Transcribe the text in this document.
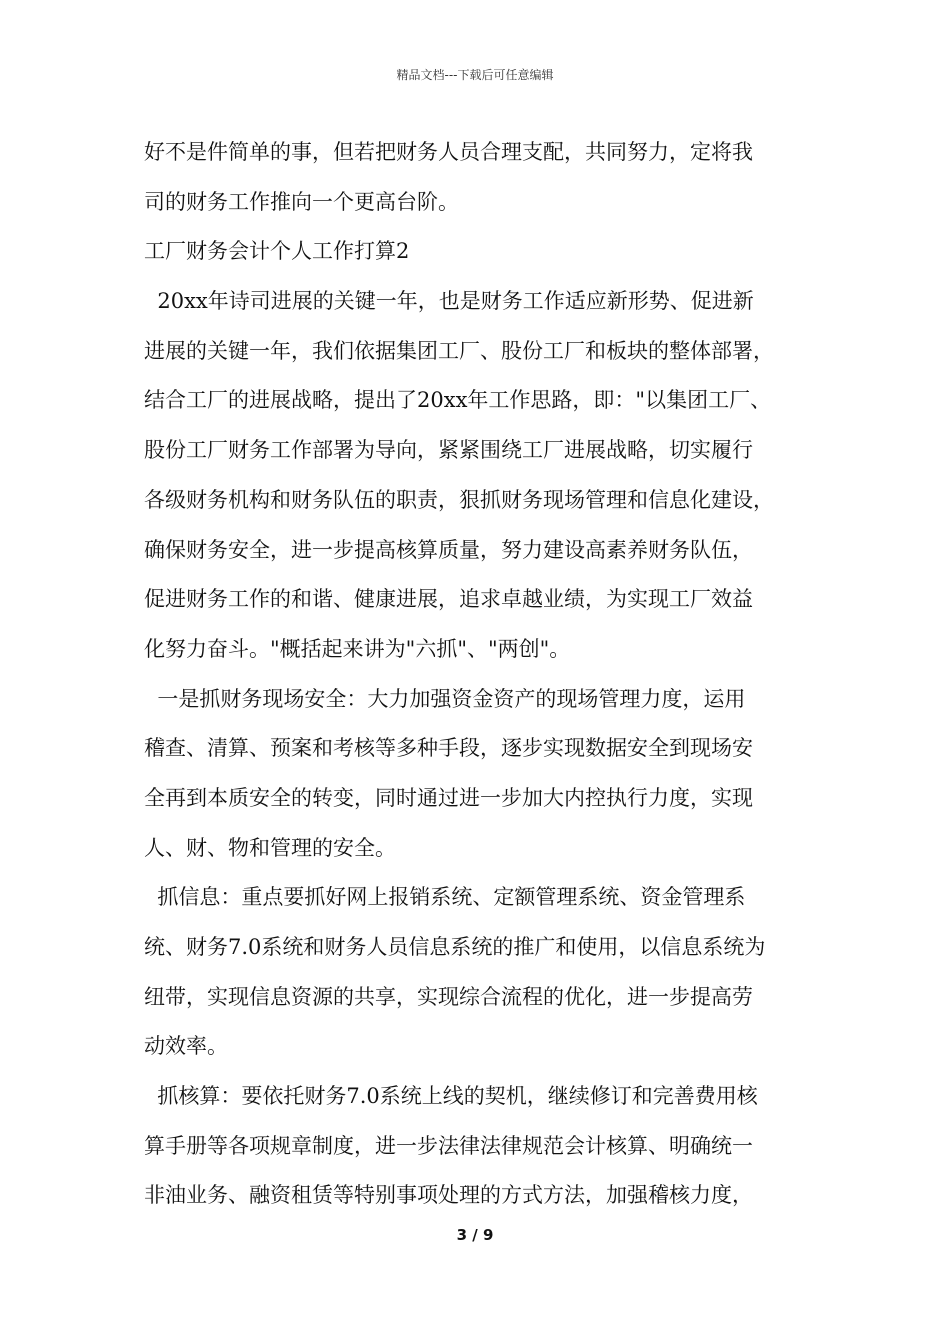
精品文档---下载后可任意编辑
好不是件简单的事，但若把财务人员合理支配，共同努力，定将我
司的财务工作推向一个更高台阶。
工厂财务会计个人工作打算2
20xx年诗司进展的关键一年，也是财务工作适应新形势、促进新
进展的关键一年，我们依据集团工厂、股份工厂和板块的整体部署，
结合工厂的进展战略，提出了20xx年工作思路，即："以集团工厂、
股份工厂财务工作部署为导向，紧紧围绕工厂进展战略，切实履行
各级财务机构和财务队伍的职责，狠抓财务现场管理和信息化建设，
确保财务安全，进一步提高核算质量，努力建设高素养财务队伍，
促进财务工作的和谐、健康进展，追求卓越业绩，为实现工厂效益
化努力奋斗。"概括起来讲为"六抓"、"两创"。
一是抓财务现场安全：大力加强资金资产的现场管理力度，运用
稽查、清算、预案和考核等多种手段，逐步实现数据安全到现场安
全再到本质安全的转变，同时通过进一步加大内控执行力度，实现
人、财、物和管理的安全。
抓信息：重点要抓好网上报销系统、定额管理系统、资金管理系
统、财务7.0系统和财务人员信息系统的推广和使用，以信息系统为
纽带，实现信息资源的共享，实现综合流程的优化，进一步提高劳
动效率。
抓核算：要依托财务7.0系统上线的契机，继续修订和完善费用核
算手册等各项规章制度，进一步法律法律规范会计核算、明确统一
非油业务、融资租赁等特别事项处理的方式方法，加强稽核力度，
3 / 9
